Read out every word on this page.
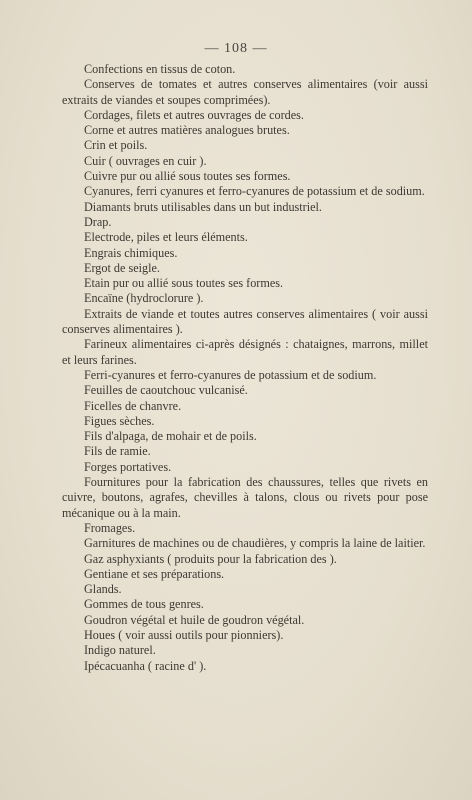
— 108 —

Confections en tissus de coton.

Conserves de tomates et autres conserves alimentaires (voir aussi extraits de viandes et soupes comprimées).

Cordages, filets et autres ouvrages de cordes.

Corne et autres matières analogues brutes.

Crin et poils.

Cuir ( ouvrages en cuir ).

Cuivre pur ou allié sous toutes ses formes.

Cyanures, ferri cyanures et ferro-cyanures de potassium et de sodium.

Diamants bruts utilisables dans un but industriel.

Drap.

Electrode, piles et leurs éléments.

Engrais chimiques.

Ergot de seigle.

Etain pur ou allié sous toutes ses formes.

Encaïne (hydroclorure ).

Extraits de viande et toutes autres conserves alimentaires ( voir aussi conserves alimentaires ).

Farineux alimentaires ci-après désignés : chataignes, marrons, millet et leurs farines.

Ferri-cyanures et ferro-cyanures de potassium et de sodium.

Feuilles de caoutchouc vulcanisé.

Ficelles de chanvre.

Figues sèches.

Fils d'alpaga, de mohair et de poils.

Fils de ramie.

Forges portatives.

Fournitures pour la fabrication des chaussures, telles que rivets en cuivre, boutons, agrafes, chevilles à talons, clous ou rivets pour pose mécanique ou à la main.

Fromages.

Garnitures de machines ou de chaudières, y compris la laine de laitier.

Gaz asphyxiants ( produits pour la fabrication des ).

Gentiane et ses préparations.

Glands.

Gommes de tous genres.

Goudron végétal et huile de goudron végétal.

Houes ( voir aussi outils pour pionniers).

Indigo naturel.

Ipécacuanha ( racine d' ).
